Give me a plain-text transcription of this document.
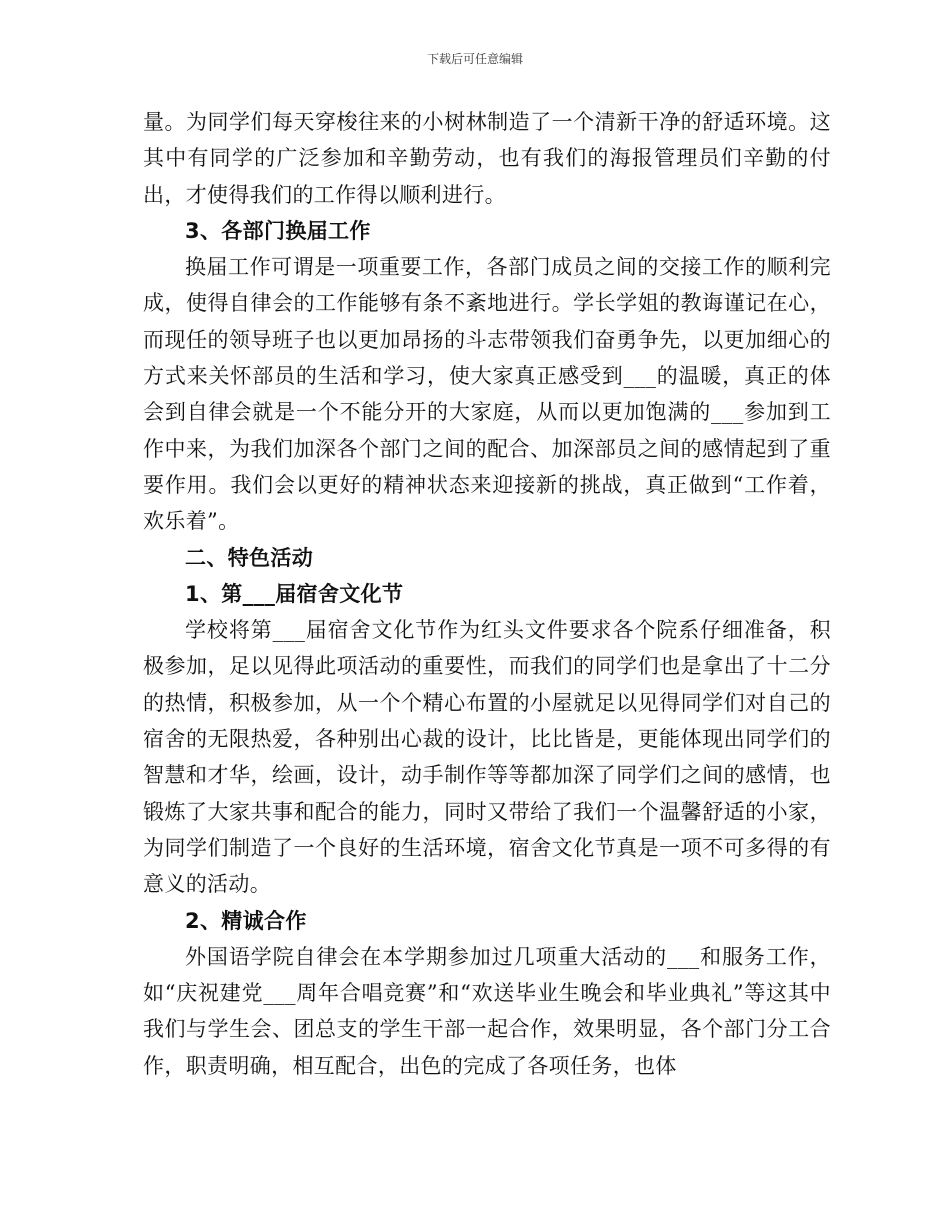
下载后可任意编辑

量。为同学们每天穿梭往来的小树林制造了一个清新干净的舒适环境。这其中有同学的广泛参加和辛勤劳动，也有我们的海报管理员们辛勤的付出，才使得我们的工作得以顺利进行。

3、各部门换届工作

换届工作可谓是一项重要工作，各部门成员之间的交接工作的顺利完成，使得自律会的工作能够有条不紊地进行。学长学姐的教诲谨记在心，而现任的领导班子也以更加昂扬的斗志带领我们奋勇争先，以更加细心的方式来关怀部员的生活和学习，使大家真正感受到___的温暖，真正的体会到自律会就是一个不能分开的大家庭，从而以更加饱满的___参加到工作中来，为我们加深各个部门之间的配合、加深部员之间的感情起到了重要作用。我们会以更好的精神状态来迎接新的挑战，真正做到“工作着，欢乐着”。

二、特色活动

1、第___届宿舍文化节

学校将第___届宿舍文化节作为红头文件要求各个院系仔细准备，积极参加，足以见得此项活动的重要性，而我们的同学们也是拿出了十二分的热情，积极参加，从一个个精心布置的小屋就足以见得同学们对自己的宿舍的无限热爱，各种别出心裁的设计，比比皆是，更能体现出同学们的智慧和才华，绘画，设计，动手制作等等都加深了同学们之间的感情，也锻炼了大家共事和配合的能力，同时又带给了我们一个温馨舒适的小家，为同学们制造了一个良好的生活环境，宿舍文化节真是一项不可多得的有意义的活动。

2、精诚合作

外国语学院自律会在本学期参加过几项重大活动的___和服务工作，如“庆祝建党___周年合唱竞赛”和“欢送毕业生晚会和毕业典礼”等这其中我们与学生会、团总支的学生干部一起合作，效果明显，各个部门分工合作，职责明确，相互配合，出色的完成了各项任务，也体
